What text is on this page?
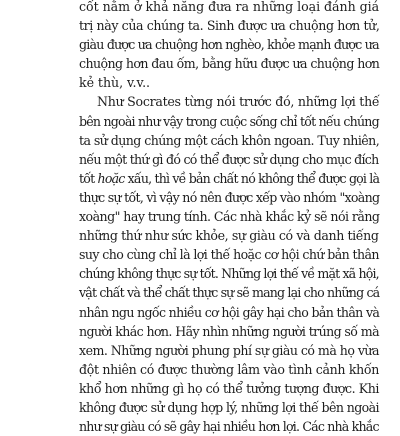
cốt nằm ở khả năng đưa ra những loại đánh giá
trị này của chúng ta. Sinh được ưa chuộng hơn tử,
giàu được ưa chuộng hơn nghèo, khỏe mạnh được ưa
chuộng hơn đau ốm, bằng hữu được ưa chuộng hơn
kẻ thù, v.v..
Như Socrates từng nói trước đó, những lợi thế
bên ngoài như vậy trong cuộc sống chỉ tốt nếu chúng
ta sử dụng chúng một cách khôn ngoan. Tuy nhiên,
nếu một thứ gì đó có thể được sử dụng cho mục đích
tốt hoặc xấu, thì về bản chất nó không thể được gọi là
thực sự tốt, vì vậy nó nên được xếp vào nhóm "xoàng
xoàng" hay trung tính. Các nhà khắc kỷ sẽ nói rằng
những thứ như sức khỏe, sự giàu có và danh tiếng
suy cho cùng chỉ là lợi thế hoặc cơ hội chứ bản thân
chúng không thực sự tốt. Những lợi thế về mặt xã hội,
vật chất và thể chất thực sự sẽ mang lại cho những cá
nhân ngu ngốc nhiều cơ hội gây hại cho bản thân và
người khác hơn. Hãy nhìn những người trúng số mà
xem. Những người phung phí sự giàu có mà họ vừa
đột nhiên có được thường lâm vào tình cảnh khốn
khổ hơn những gì họ có thể tưởng tượng được. Khi
không được sử dụng hợp lý, những lợi thế bên ngoài
như sự giàu có sẽ gây hại nhiều hơn lợi. Các nhà khắc
